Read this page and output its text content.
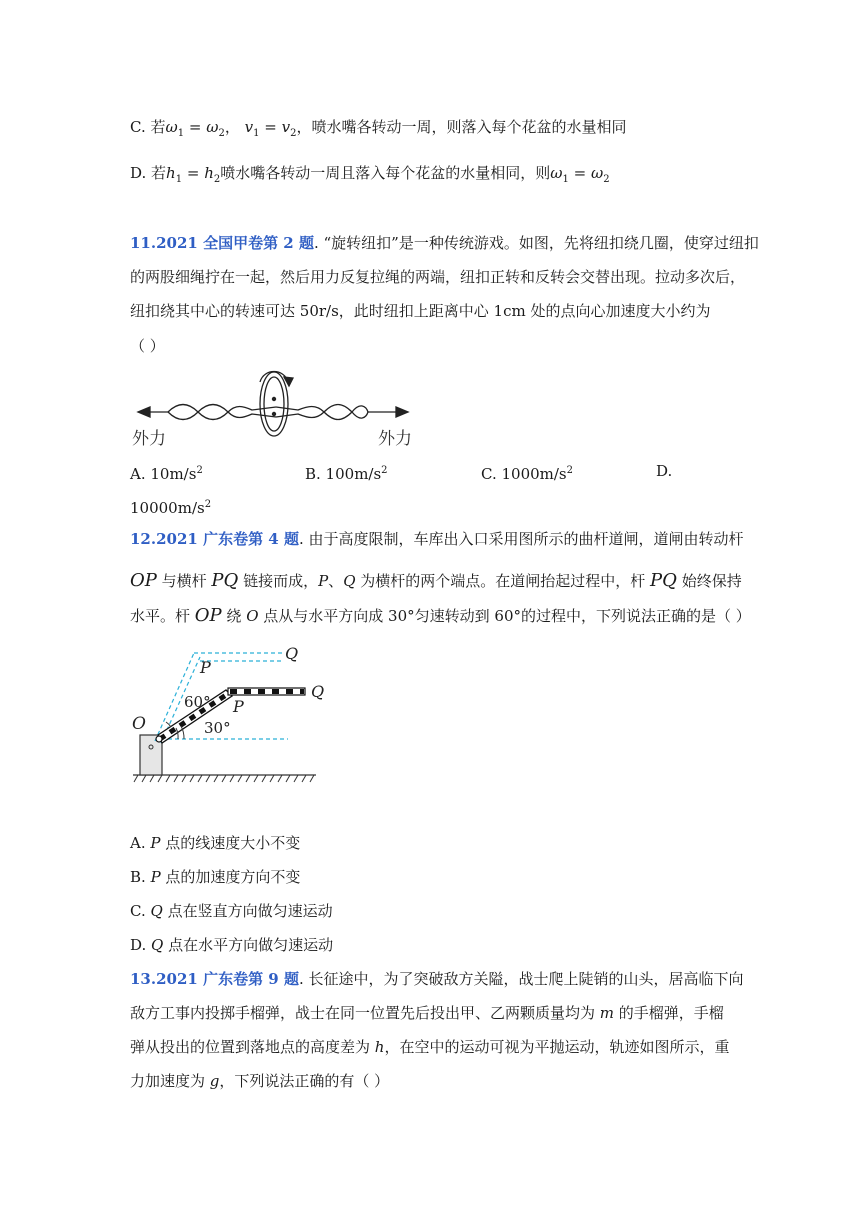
C. 若$\omega_1 = \omega_2$， $v_1 = v_2$，喷水嘴各转动一周，则落入每个花盆的水量相同
D. 若$h_1 = h_2$喷水嘴各转动一周且落入每个花盆的水量相同，则$\omega_1 = \omega_2$
11.2021 全国甲卷第 2 题. “旋转纽扣”是一种传统游戏。如图，先将纽扣绕几圈，使穿过纽扣
的两股细绳拧在一起，然后用力反复拉绳的两端，纽扣正转和反转会交替出现。拉动多次后，
纽扣绕其中心的转速可达 50r/s，此时纽扣上距离中心 1cm 处的点向心加速度大小约为
（ ）
外力	外力
A. $10m/s^2$	B. $100m/s^2$	C. $1000m/s^2$	D.
$10000m/s^2$
12.2021 广东卷第 4 题. 由于高度限制，车库出入口采用图所示的曲杆道闸，道闸由转动杆
OP 与横杆 PQ 链接而成，P、Q 为横杆的两个端点。在道闸抬起过程中，杆 PQ 始终保持
水平。杆 OP 绕 O 点从与水平方向成 30°匀速转动到 60°的过程中，下列说法正确的是（ ）
O
P
Q
P
Q
60°
30°
A. P 点的线速度大小不变
B. P 点的加速度方向不变
C. Q 点在竖直方向做匀速运动
D. Q 点在水平方向做匀速运动
13.2021 广东卷第 9 题. 长征途中，为了突破敌方关隘，战士爬上陡销的山头，居高临下向
敌方工事内投掷手榴弹，战士在同一位置先后投出甲、乙两颗质量均为 m 的手榴弹，手榴
弹从投出的位置到落地点的高度差为 h，在空中的运动可视为平抛运动，轨迹如图所示，重
力加速度为 g，下列说法正确的有（ ）
